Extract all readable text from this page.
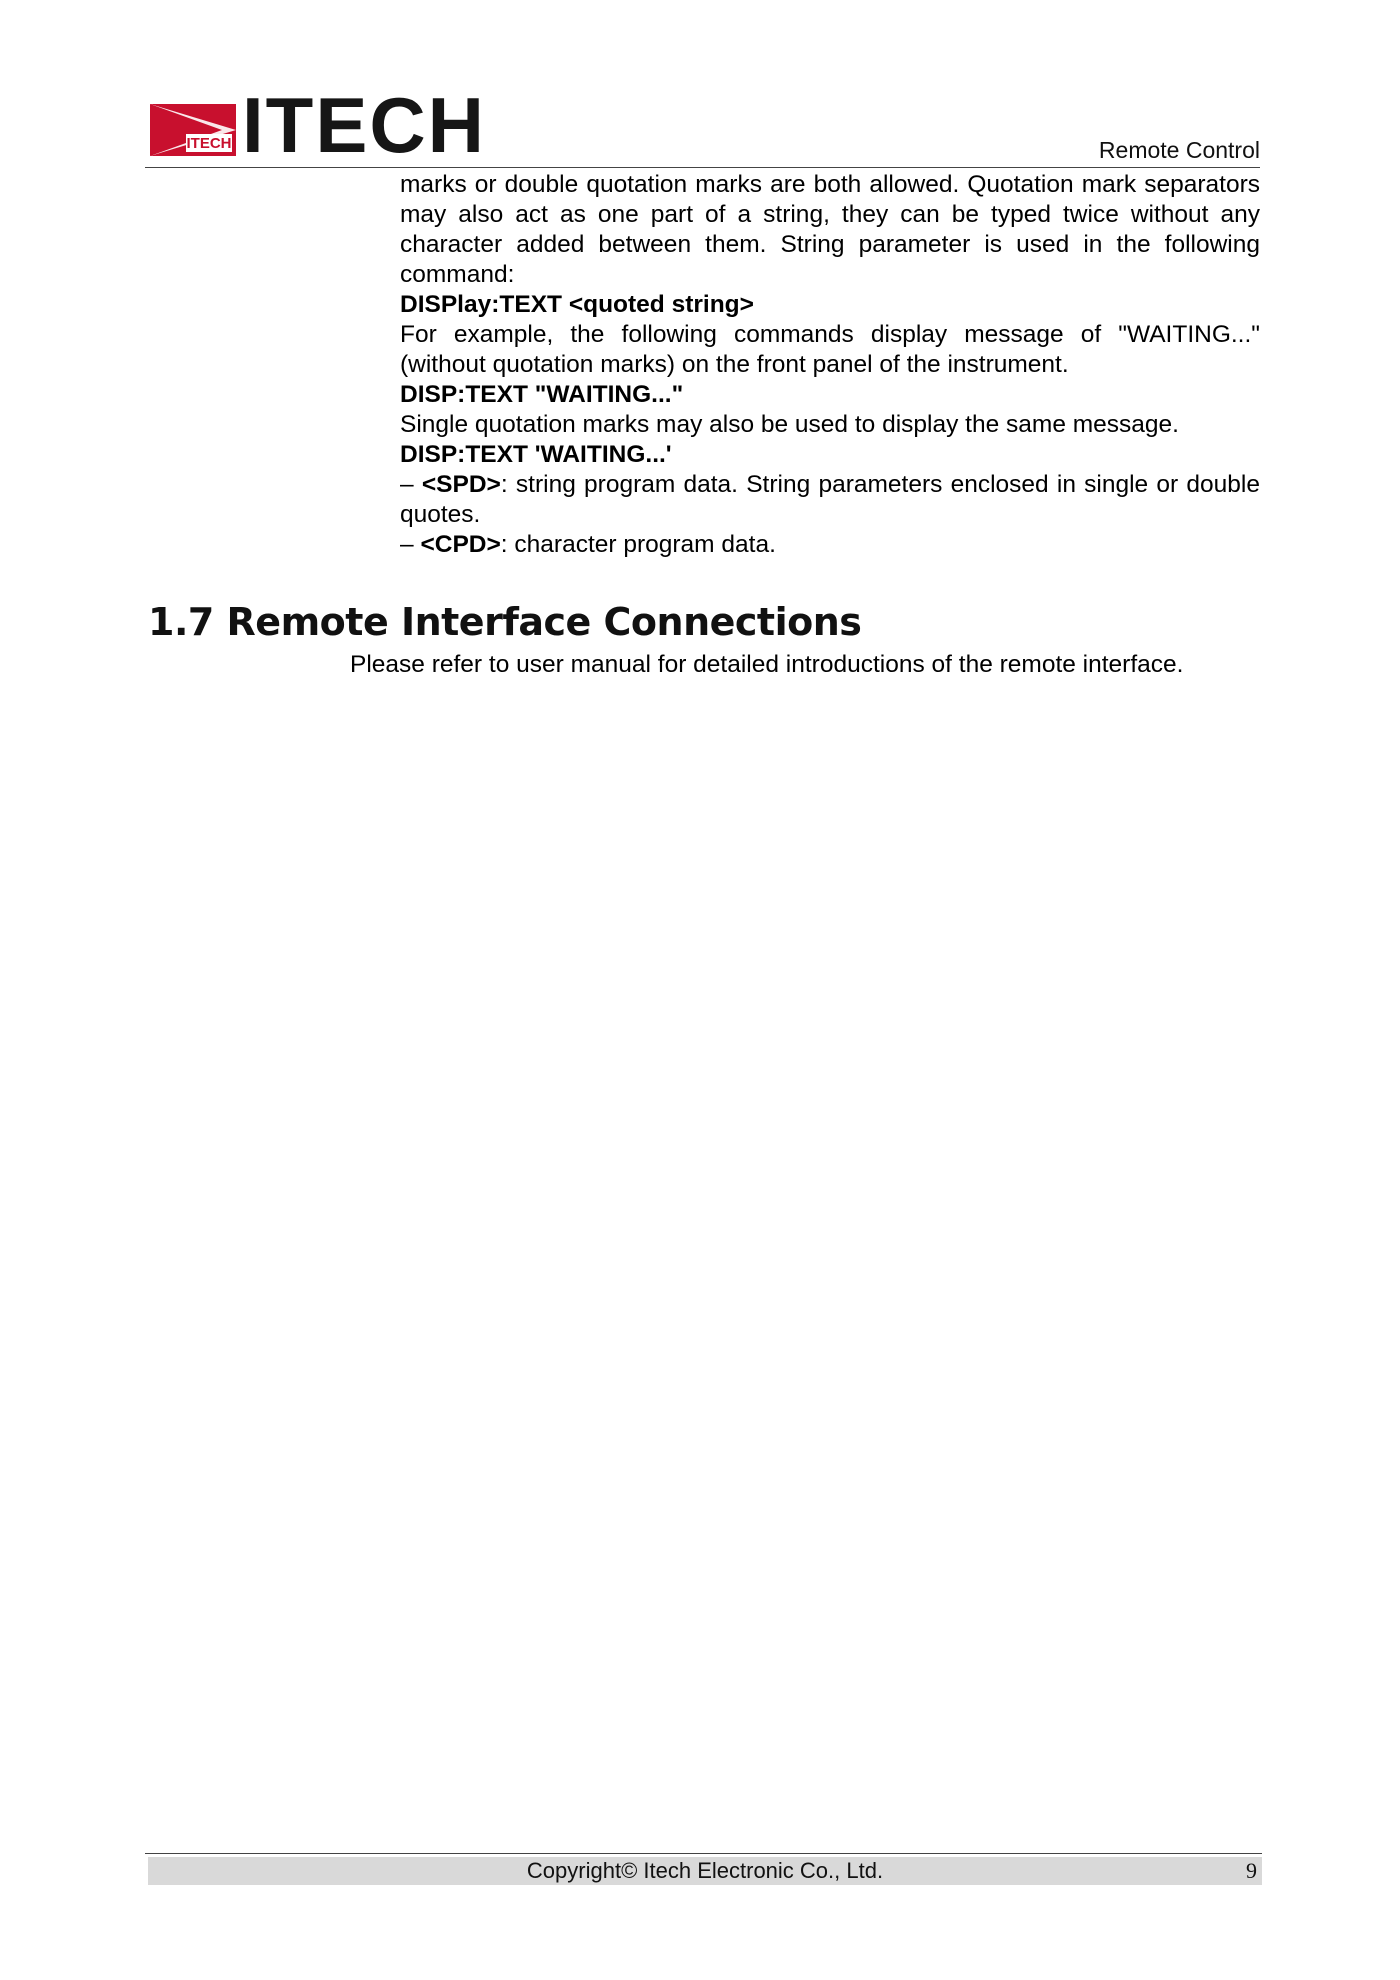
ITECH ITECH	Remote Control

marks or double quotation marks are both allowed. Quotation mark separators may also act as one part of a string, they can be typed twice without any character added between them. String parameter is used in the following command:

DISPlay:TEXT <quoted string>

For example, the following commands display message of "WAITING..." (without quotation marks) on the front panel of the instrument.

DISP:TEXT "WAITING..."

Single quotation marks may also be used to display the same message.

DISP:TEXT 'WAITING...'

– <SPD>: string program data. String parameters enclosed in single or double quotes.

– <CPD>: character program data.

1.7 Remote Interface Connections

Please refer to user manual for detailed introductions of the remote interface.

Copyright© Itech Electronic Co., Ltd.	9
